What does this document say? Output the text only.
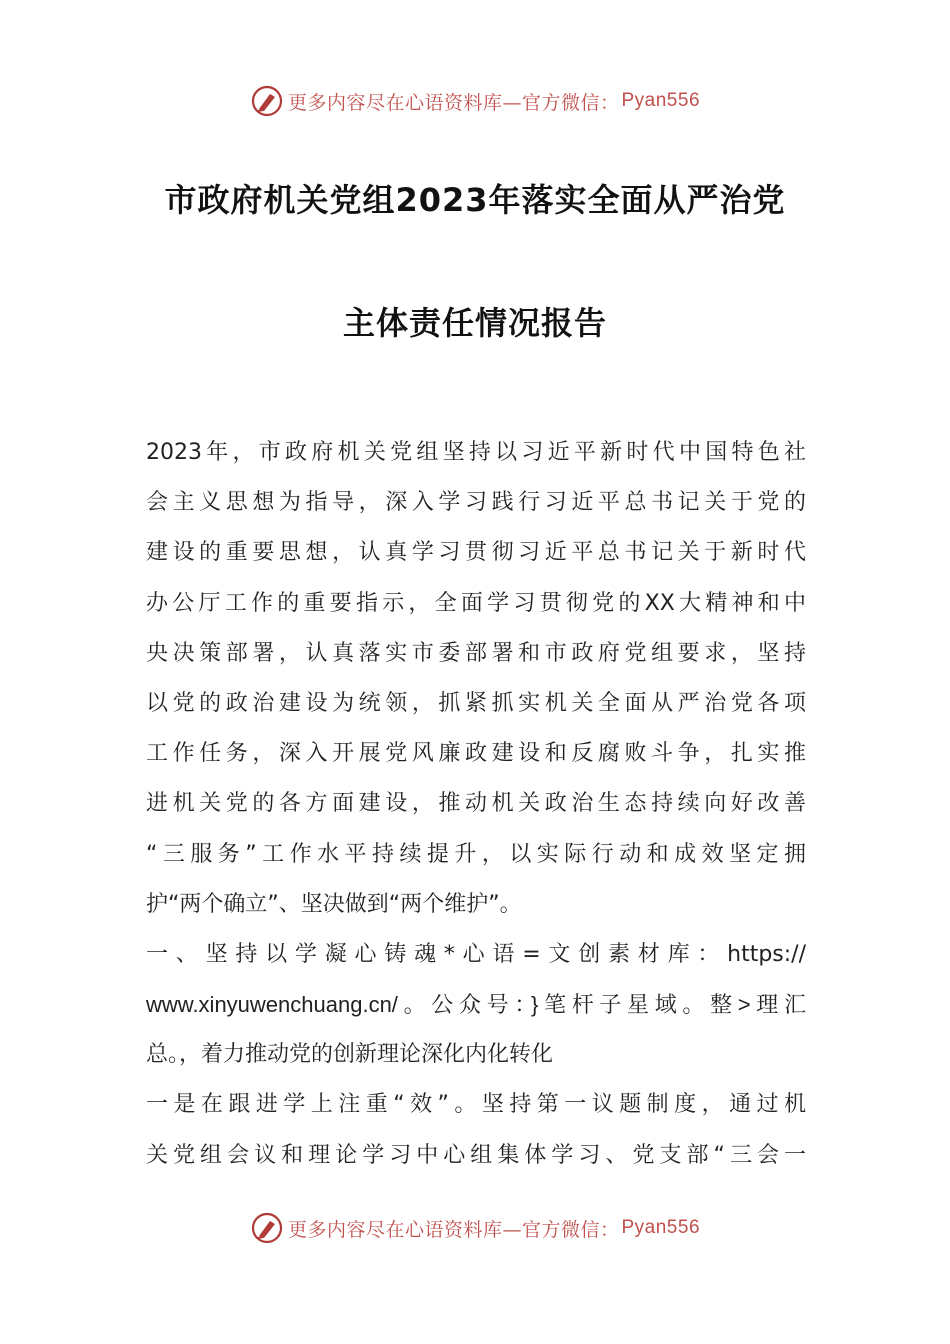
更多内容尽在心语资料库—官方微信： Pyan556
市政府机关党组2023年落实全面从严治党
主体责任情况报告
2023年，市政府机关党组坚持以习近平新时代中国特色社
会主义思想为指导，深入学习践行习近平总书记关于党的
建设的重要思想，认真学习贯彻习近平总书记关于新时代
办公厅工作的重要指示，全面学习贯彻党的XX大精神和中
央决策部署，认真落实市委部署和市政府党组要求，坚持
以党的政治建设为统领，抓紧抓实机关全面从严治党各项
工作任务，深入开展党风廉政建设和反腐败斗争，扎实推
进机关党的各方面建设，推动机关政治生态持续向好改善
“三服务”工作水平持续提升，以实际行动和成效坚定拥
护“两个确立”、坚决做到“两个维护”。
一、坚持以学凝心铸魂*心语=文创素材库：https://
www.xinyuwenchuang.cn/。公众号：}笔杆子星域。整>理汇
总。，着力推动党的创新理论深化内化转化
一是在跟进学上注重“效”。坚持第一议题制度，通过机
关党组会议和理论学习中心组集体学习、党支部“三会一
更多内容尽在心语资料库—官方微信： Pyan556
